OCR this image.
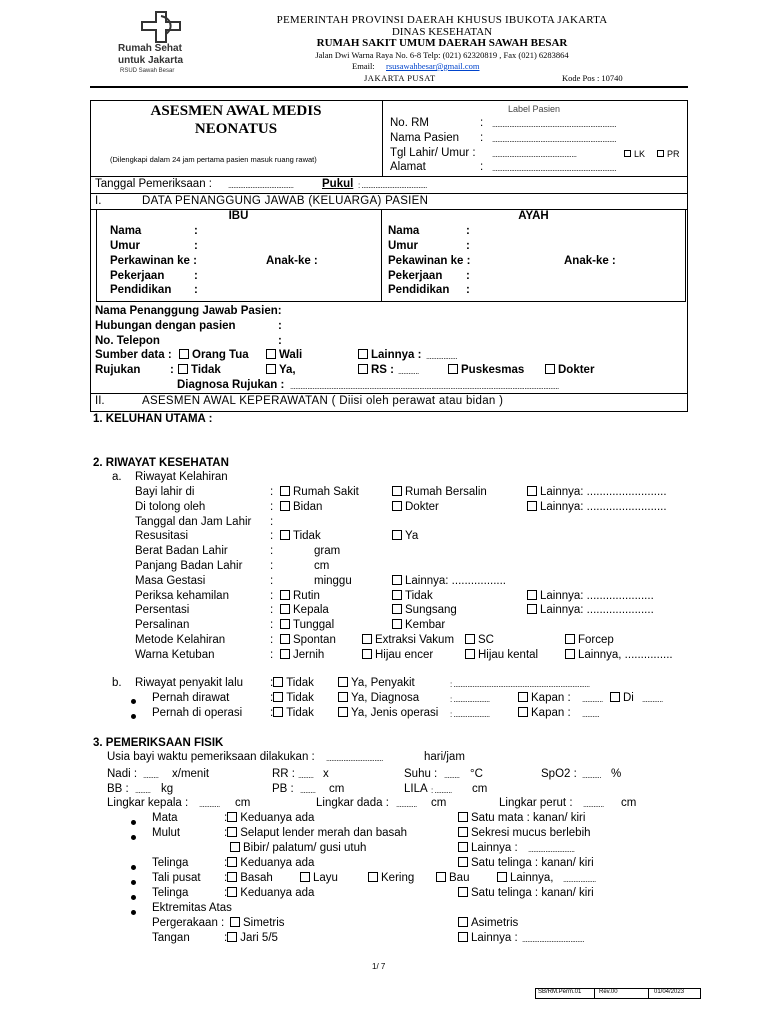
Rumah Sehat
untuk Jakarta
RSUD Sawah Besar
PEMERINTAH PROVINSI DAERAH KHUSUS IBUKOTA JAKARTA
DINAS KESEHATAN
RUMAH SAKIT UMUM DAERAH SAWAH BESAR
Jalan Dwi Warna Raya No. 6-8 Telp: (021) 62320819 , Fax (021) 6283864
Email: rsusawahbesar@gmail.com
JAKARTA PUSAT	Kode Pos : 10740
ASESMEN AWAL MEDIS
NEONATUS
(Dilengkapi dalam 24 jam pertama pasien masuk ruang rawat)
Label Pasien
No. RM	: ........................................................................
Nama Pasien : ........................................................................
Tgl Lahir/ Umur : .................................................	LK	PR
Alamat	: ........................................................................
Tanggal Pemeriksaan : ...................................... Pukul : ......................................
I.	DATA PENANGGUNG JAWAB (KELUARGA) PASIEN
IBU	AYAH
Nama	:
Umur	:
Perkawinan ke :	Anak-ke :
Pekerjaan	:
Pendidikan :
Nama	:
Umur	:
Pekawinan ke :	Anak-ke :
Pekerjaan :
Pendidikan :
Nama Penanggung Jawab Pasien:
Hubungan dengan pasien	:
No. Telepon	:
Sumber data :	Orang Tua	Wali	Lainnya : ..................
Rujukan	:	Tidak	Ya,	RS : ............	Puskesmas	Dokter
Diagnosa Rujukan : ............................................................................................................................................................
II.	ASESMEN AWAL KEPERAWATAN ( Diisi oleh perawat atau bidan )
1. KELUHAN UTAMA :
2. RIWAYAT KESEHATAN
a. Riwayat Kelahiran
Bayi lahir di	:	Rumah Sakit	Rumah Bersalin	Lainnya: .........................
Di tolong oleh	:	Bidan	Dokter	Lainnya: .........................
Tanggal dan Jam Lahir :
Resusitasi	:	Tidak	Ya
Berat Badan Lahir	:	gram
Panjang Badan Lahir :	cm
Masa Gestasi	:	minggu	Lainnya: .................
Periksa kehamilan	:	Rutin	Tidak	Lainnya: .....................
Persentasi	:	Kepala	Sungsang	Lainnya: .....................
Persalinan	:	Tunggal	Kembar
Metode Kelahiran	:	Spontan	Extraksi Vakum	SC	Forcep
Warna Ketuban	:	Jernih	Hijau encer	Hijau kental	Lainnya, ...............
b. Riwayat penyakit lalu : Tidak	Ya, Penyakit	: ...............................................................................
Pernah dirawat	: Tidak	Ya, Diagnosa	: .....................	Kapan : ............	Di ............
Pernah di operasi : Tidak	Ya, Jenis operasi : .....................	Kapan : ..........
3. PEMERIKSAAN FISIK
Usia bayi waktu pemeriksaan dilakukan : .................................	hari/jam
Nadi : ......... x/menit	RR : ......... x	Suhu : ......... °C	SpO2 : ........... %
BB : ......... kg	PB : ......... cm	LILA : .......... cm
Lingkar kepala : ............ cm	Lingkar dada : ............ cm	Lingkar perut : ............ cm
Mata	: Keduanya ada	Satu mata : kanan/ kiri
Mulut	: Selaput lender merah dan basah	Sekresi mucus berlebih
Bibir/ palatum/ gusi utuh	Lainnya : ...........................
Telinga	: Keduanya ada	Satu telinga : kanan/ kiri
Tali pusat : Basah	Layu	Kering	Bau	Lainnya, ...................
Telinga	: Keduanya ada	Satu telinga : kanan/ kiri
Ektremitas Atas
Pergerakaan :	Simetris	Asimetris
Tangan	: Jari 5/5	Lainnya : ....................................
1/ 7
SB/RM.Perm.01	Rev.00	01/04/2023
